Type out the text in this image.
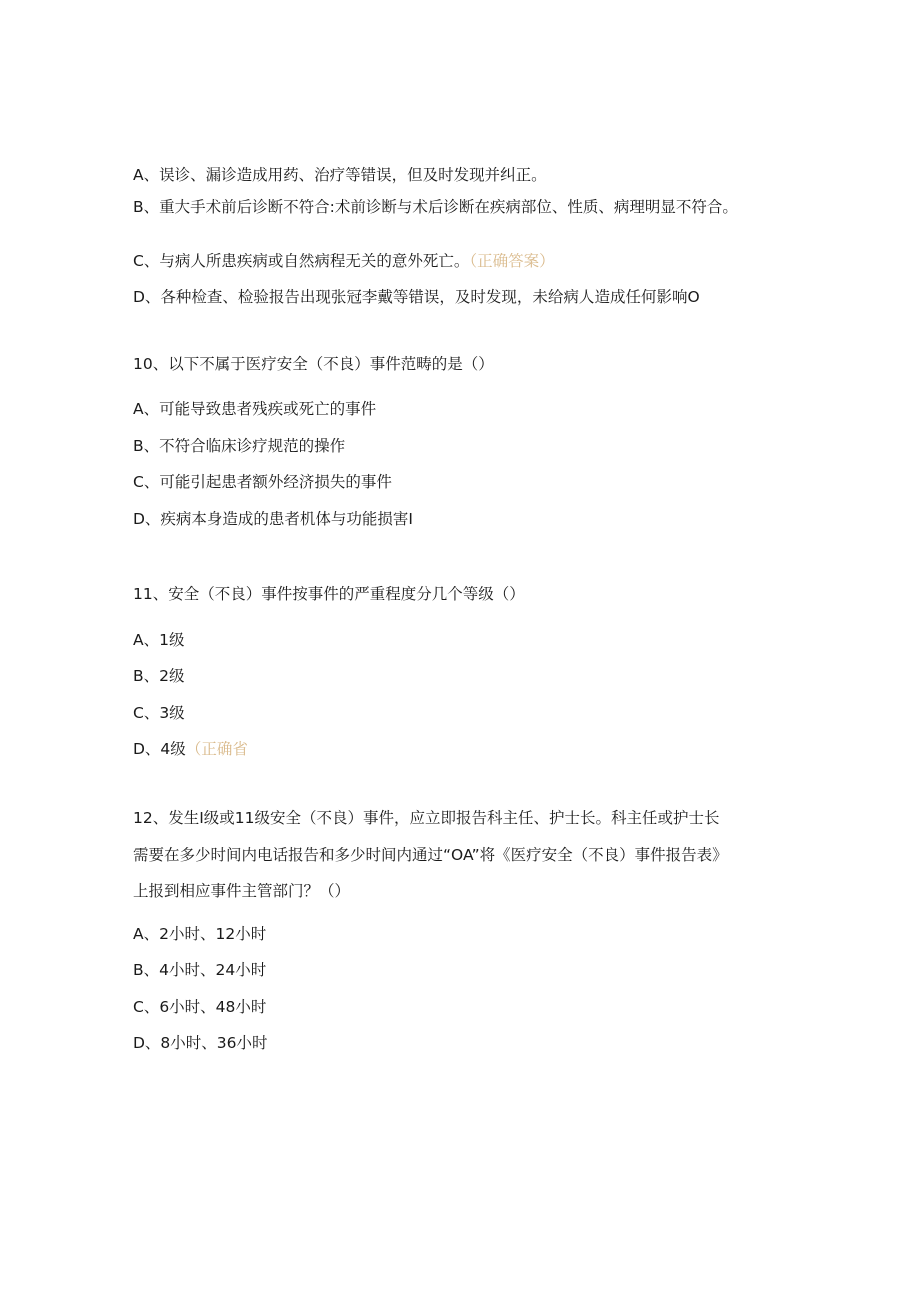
A、误诊、漏诊造成用药、治疗等错误，但及时发现并纠正。
B、重大手术前后诊断不符合:术前诊断与术后诊断在疾病部位、性质、病理明显不符合。
C、与病人所患疾病或自然病程无关的意外死亡。（正确答案）
D、各种检查、检验报告出现张冠李戴等错误，及时发现，未给病人造成任何影响O
10、以下不属于医疗安全（不良）事件范畴的是（）
A、可能导致患者残疾或死亡的事件
B、不符合临床诊疗规范的操作
C、可能引起患者额外经济损失的事件
D、疾病本身造成的患者机体与功能损害I
11、安全（不良）事件按事件的严重程度分几个等级（）
A、1级
B、2级
C、3级
D、4级（正确省
12、发生I级或11级安全（不良）事件，应立即报告科主任、护士长。科主任或护士长
需要在多少时间内电话报告和多少时间内通过“OA”将《医疗安全（不良）事件报告表》
上报到相应事件主管部门？（）
A、2小时、12小时
B、4小时、24小时
C、6小时、48小时
D、8小时、36小时
